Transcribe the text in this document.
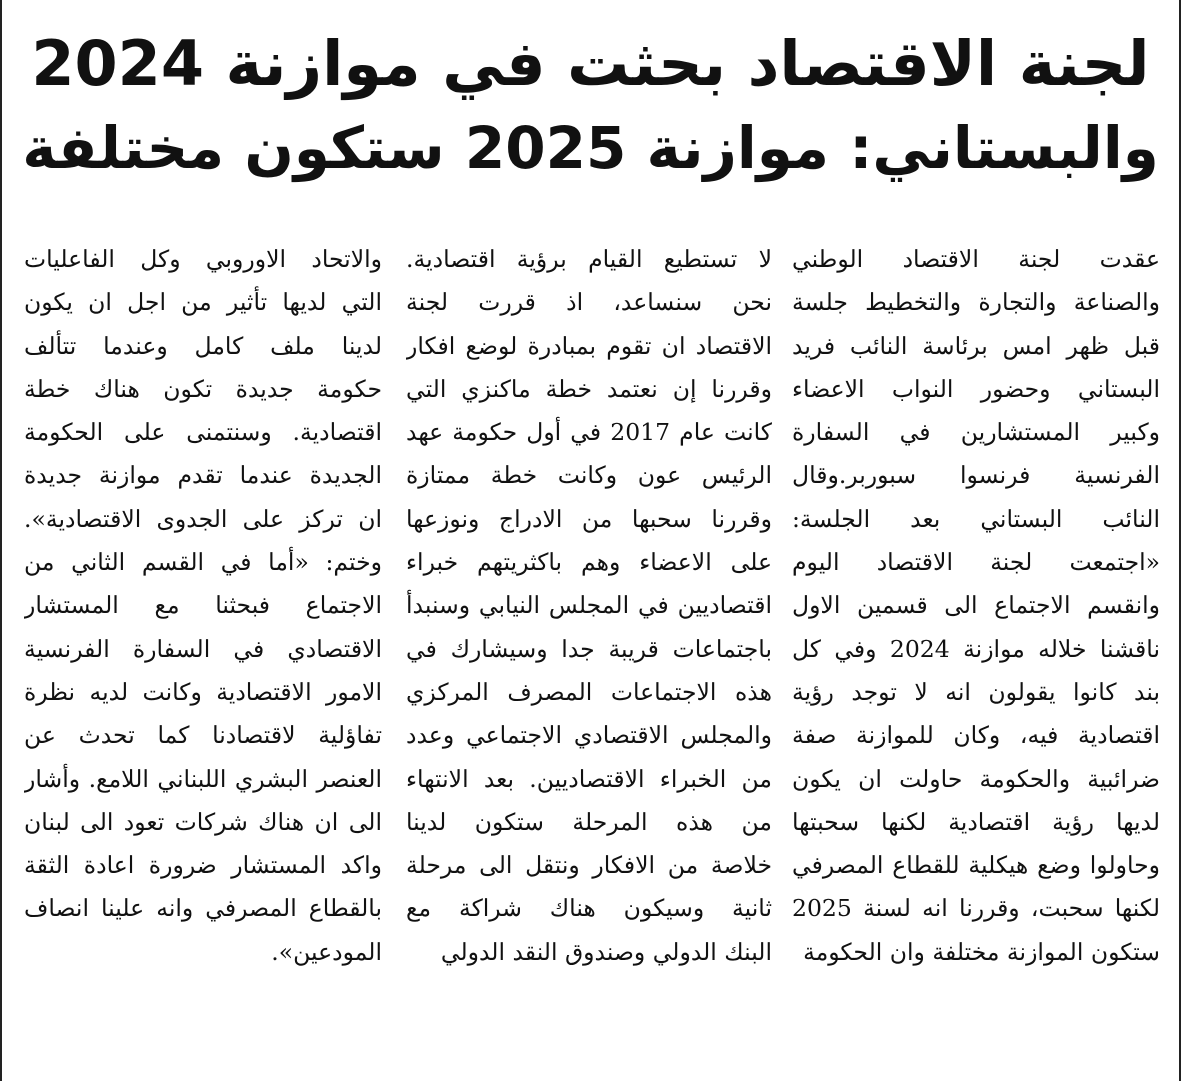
لجنة الاقتصاد بحثت في موازنة 2024
والبستاني: موازنة 2025 ستكون مختلفة
عقدت لجنة الاقتصاد الوطني
والصناعة والتجارة والتخطيط جلسة
قبل ظهر امس برئاسة النائب فريد
البستاني وحضور النواب الاعضاء
وكبير المستشارين في السفارة
الفرنسية فرنسوا سبوربر.وقال
النائب البستاني بعد الجلسة:
«اجتمعت لجنة الاقتصاد اليوم
وانقسم الاجتماع الى قسمين الاول
ناقشنا خلاله موازنة 2024 وفي كل
بند كانوا يقولون انه لا توجد رؤية
اقتصادية فيه، وكان للموازنة صفة
ضرائبية والحكومة حاولت ان يكون
لديها رؤية اقتصادية لكنها سحبتها
وحاولوا وضع هيكلية للقطاع المصرفي
لكنها سحبت، وقررنا انه لسنة 2025
ستكون الموازنة مختلفة وان الحكومة
لا تستطيع القيام برؤية اقتصادية.
نحن سنساعد، اذ قررت لجنة
الاقتصاد ان تقوم بمبادرة لوضع افكار
وقررنا إن نعتمد خطة ماكنزي التي
كانت عام 2017 في أول حكومة عهد
الرئيس عون وكانت خطة ممتازة
وقررنا سحبها من الادراج ونوزعها
على الاعضاء وهم باكثريتهم خبراء
اقتصاديين في المجلس النيابي وسنبدأ
باجتماعات قريبة جدا وسيشارك في
هذه الاجتماعات المصرف المركزي
والمجلس الاقتصادي الاجتماعي وعدد
من الخبراء الاقتصاديين. بعد الانتهاء
من هذه المرحلة ستكون لدينا
خلاصة من الافكار ونتقل الى مرحلة
ثانية وسيكون هناك شراكة مع
البنك الدولي وصندوق النقد الدولي
والاتحاد الاوروبي وكل الفاعليات
التي لديها تأثير من اجل ان يكون
لدينا ملف كامل وعندما تتألف
حكومة جديدة تكون هناك خطة
اقتصادية. وسنتمنى على الحكومة
الجديدة عندما تقدم موازنة جديدة
ان تركز على الجدوى الاقتصادية».
وختم: «أما في القسم الثاني من
الاجتماع فبحثنا مع المستشار
الاقتصادي في السفارة الفرنسية
الامور الاقتصادية وكانت لديه نظرة
تفاؤلية لاقتصادنا كما تحدث عن
العنصر البشري اللبناني اللامع. وأشار
الى ان هناك شركات تعود الى لبنان
واكد المستشار ضرورة اعادة الثقة
بالقطاع المصرفي وانه علينا انصاف
المودعين».
